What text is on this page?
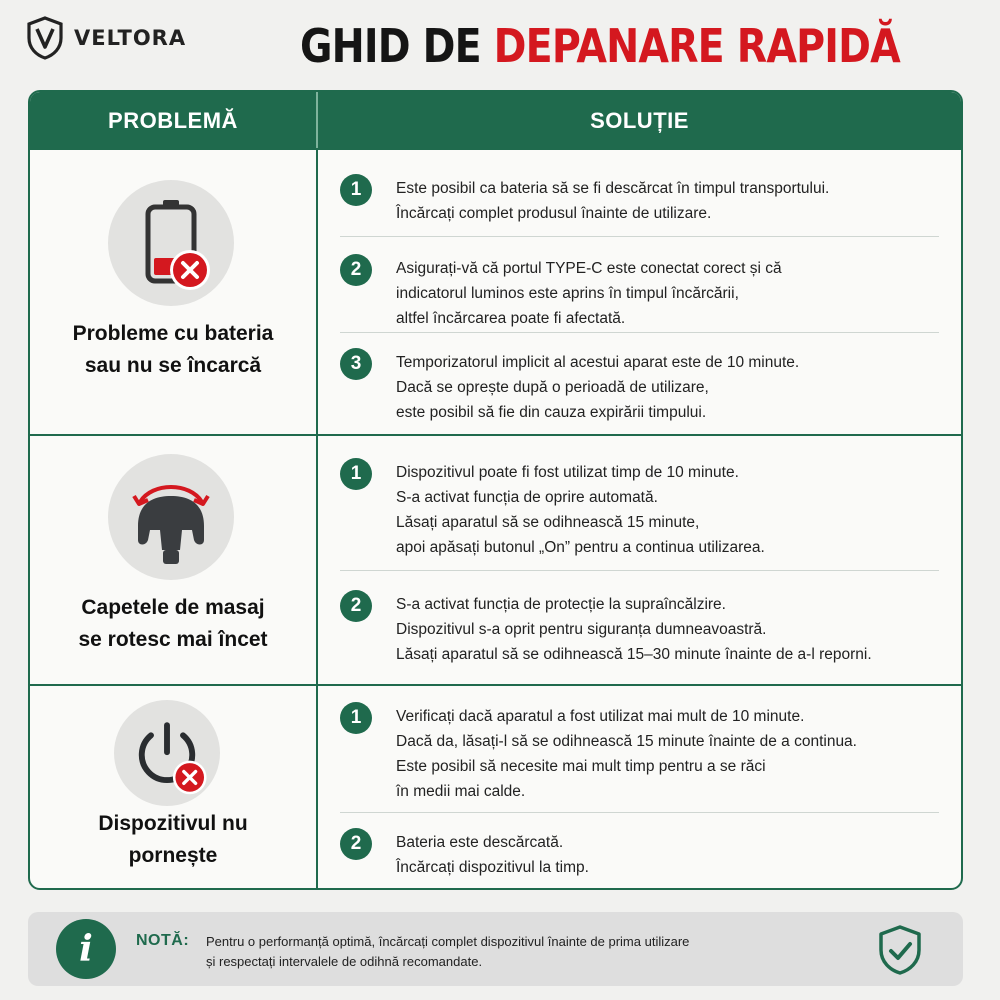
VELTORA GHID DE DEPANARE RAPIDĂ
PROBLEMĂ	SOLUȚIE
Probleme cu bateria
sau nu se încarcă
1	Este posibil ca bateria să se fi descărcat în timpul transportului.
Încărcați complet produsul înainte de utilizare.
2	Asigurați-vă că portul TYPE-C este conectat corect și că
indicatorul luminos este aprins în timpul încărcării,
altfel încărcarea poate fi afectată.
3	Temporizatorul implicit al acestui aparat este de 10 minute.
Dacă se oprește după o perioadă de utilizare,
este posibil să fie din cauza expirării timpului.
Capetele de masaj
se rotesc mai încet
1	Dispozitivul poate fi fost utilizat timp de 10 minute.
S-a activat funcția de oprire automată.
Lăsați aparatul să se odihnească 15 minute,
apoi apăsați butonul „On” pentru a continua utilizarea.
2	S-a activat funcția de protecție la supraîncălzire.
Dispozitivul s-a oprit pentru siguranța dumneavoastră.
Lăsați aparatul să se odihnească 15–30 minute înainte de a-l reporni.
Dispozitivul nu
pornește
1	Verificați dacă aparatul a fost utilizat mai mult de 10 minute.
Dacă da, lăsați-l să se odihnească 15 minute înainte de a continua.
Este posibil să necesite mai mult timp pentru a se răci
în medii mai calde.
2	Bateria este descărcată.
Încărcați dispozitivul la timp.
i	NOTĂ: Pentru o performanță optimă, încărcați complet dispozitivul înainte de prima utilizare
și respectați intervalele de odihnă recomandate.
